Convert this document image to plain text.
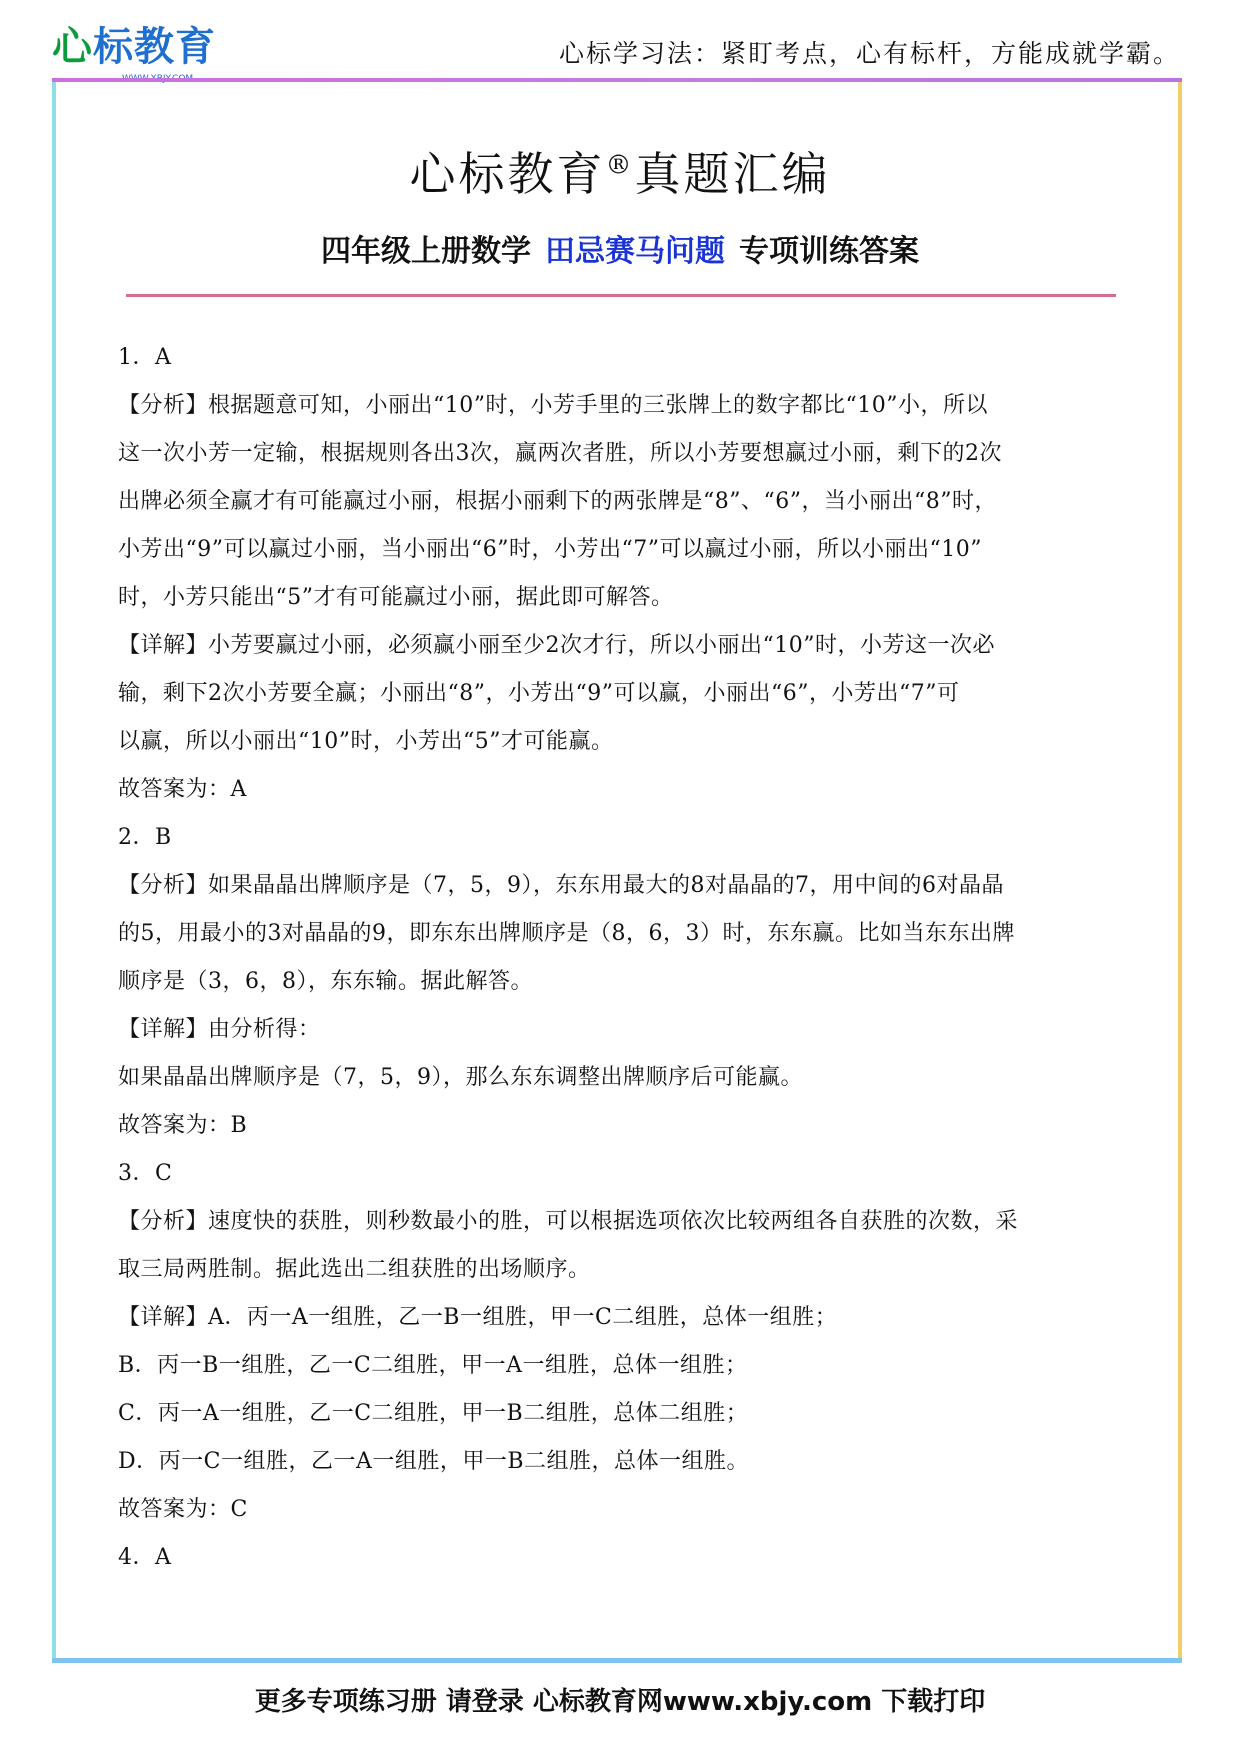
心标教育	心标学习法：紧盯考点，心有标杆，方能成就学霸。
心标教育®真题汇编
四年级上册数学 田忌赛马问题 专项训练答案

1．A

【分析】根据题意可知，小丽出“10”时，小芳手里的三张牌上的数字都比“10”小，所以

这一次小芳一定输，根据规则各出3次，赢两次者胜，所以小芳要想赢过小丽，剩下的2次

出牌必须全赢才有可能赢过小丽，根据小丽剩下的两张牌是“8”、“6”，当小丽出“8”时，

小芳出“9”可以赢过小丽，当小丽出“6”时，小芳出“7”可以赢过小丽，所以小丽出“10”

时，小芳只能出“5”才有可能赢过小丽，据此即可解答。

【详解】小芳要赢过小丽，必须赢小丽至少2次才行，所以小丽出“10”时，小芳这一次必

输，剩下2次小芳要全赢；小丽出“8”，小芳出“9”可以赢，小丽出“6”，小芳出“7”可

以赢，所以小丽出“10”时，小芳出“5”才可能赢。

故答案为：A

2．B

【分析】如果晶晶出牌顺序是（7，5，9），东东用最大的8对晶晶的7，用中间的6对晶晶

的5，用最小的3对晶晶的9，即东东出牌顺序是（8，6，3）时，东东赢。比如当东东出牌

顺序是（3，6，8），东东输。据此解答。

【详解】由分析得：

如果晶晶出牌顺序是（7，5，9），那么东东调整出牌顺序后可能赢。

故答案为：B

3．C

【分析】速度快的获胜，则秒数最小的胜，可以根据选项依次比较两组各自获胜的次数，采

取三局两胜制。据此选出二组获胜的出场顺序。

【详解】A．丙一A一组胜，乙一B一组胜，甲一C二组胜，总体一组胜；

B．丙一B一组胜，乙一C二组胜，甲一A一组胜，总体一组胜；

C．丙一A一组胜，乙一C二组胜，甲一B二组胜，总体二组胜；

D．丙一C一组胜，乙一A一组胜，甲一B二组胜，总体一组胜。

故答案为：C

4．A

更多专项练习册 请登录 心标教育网www.xbjy.com 下载打印
